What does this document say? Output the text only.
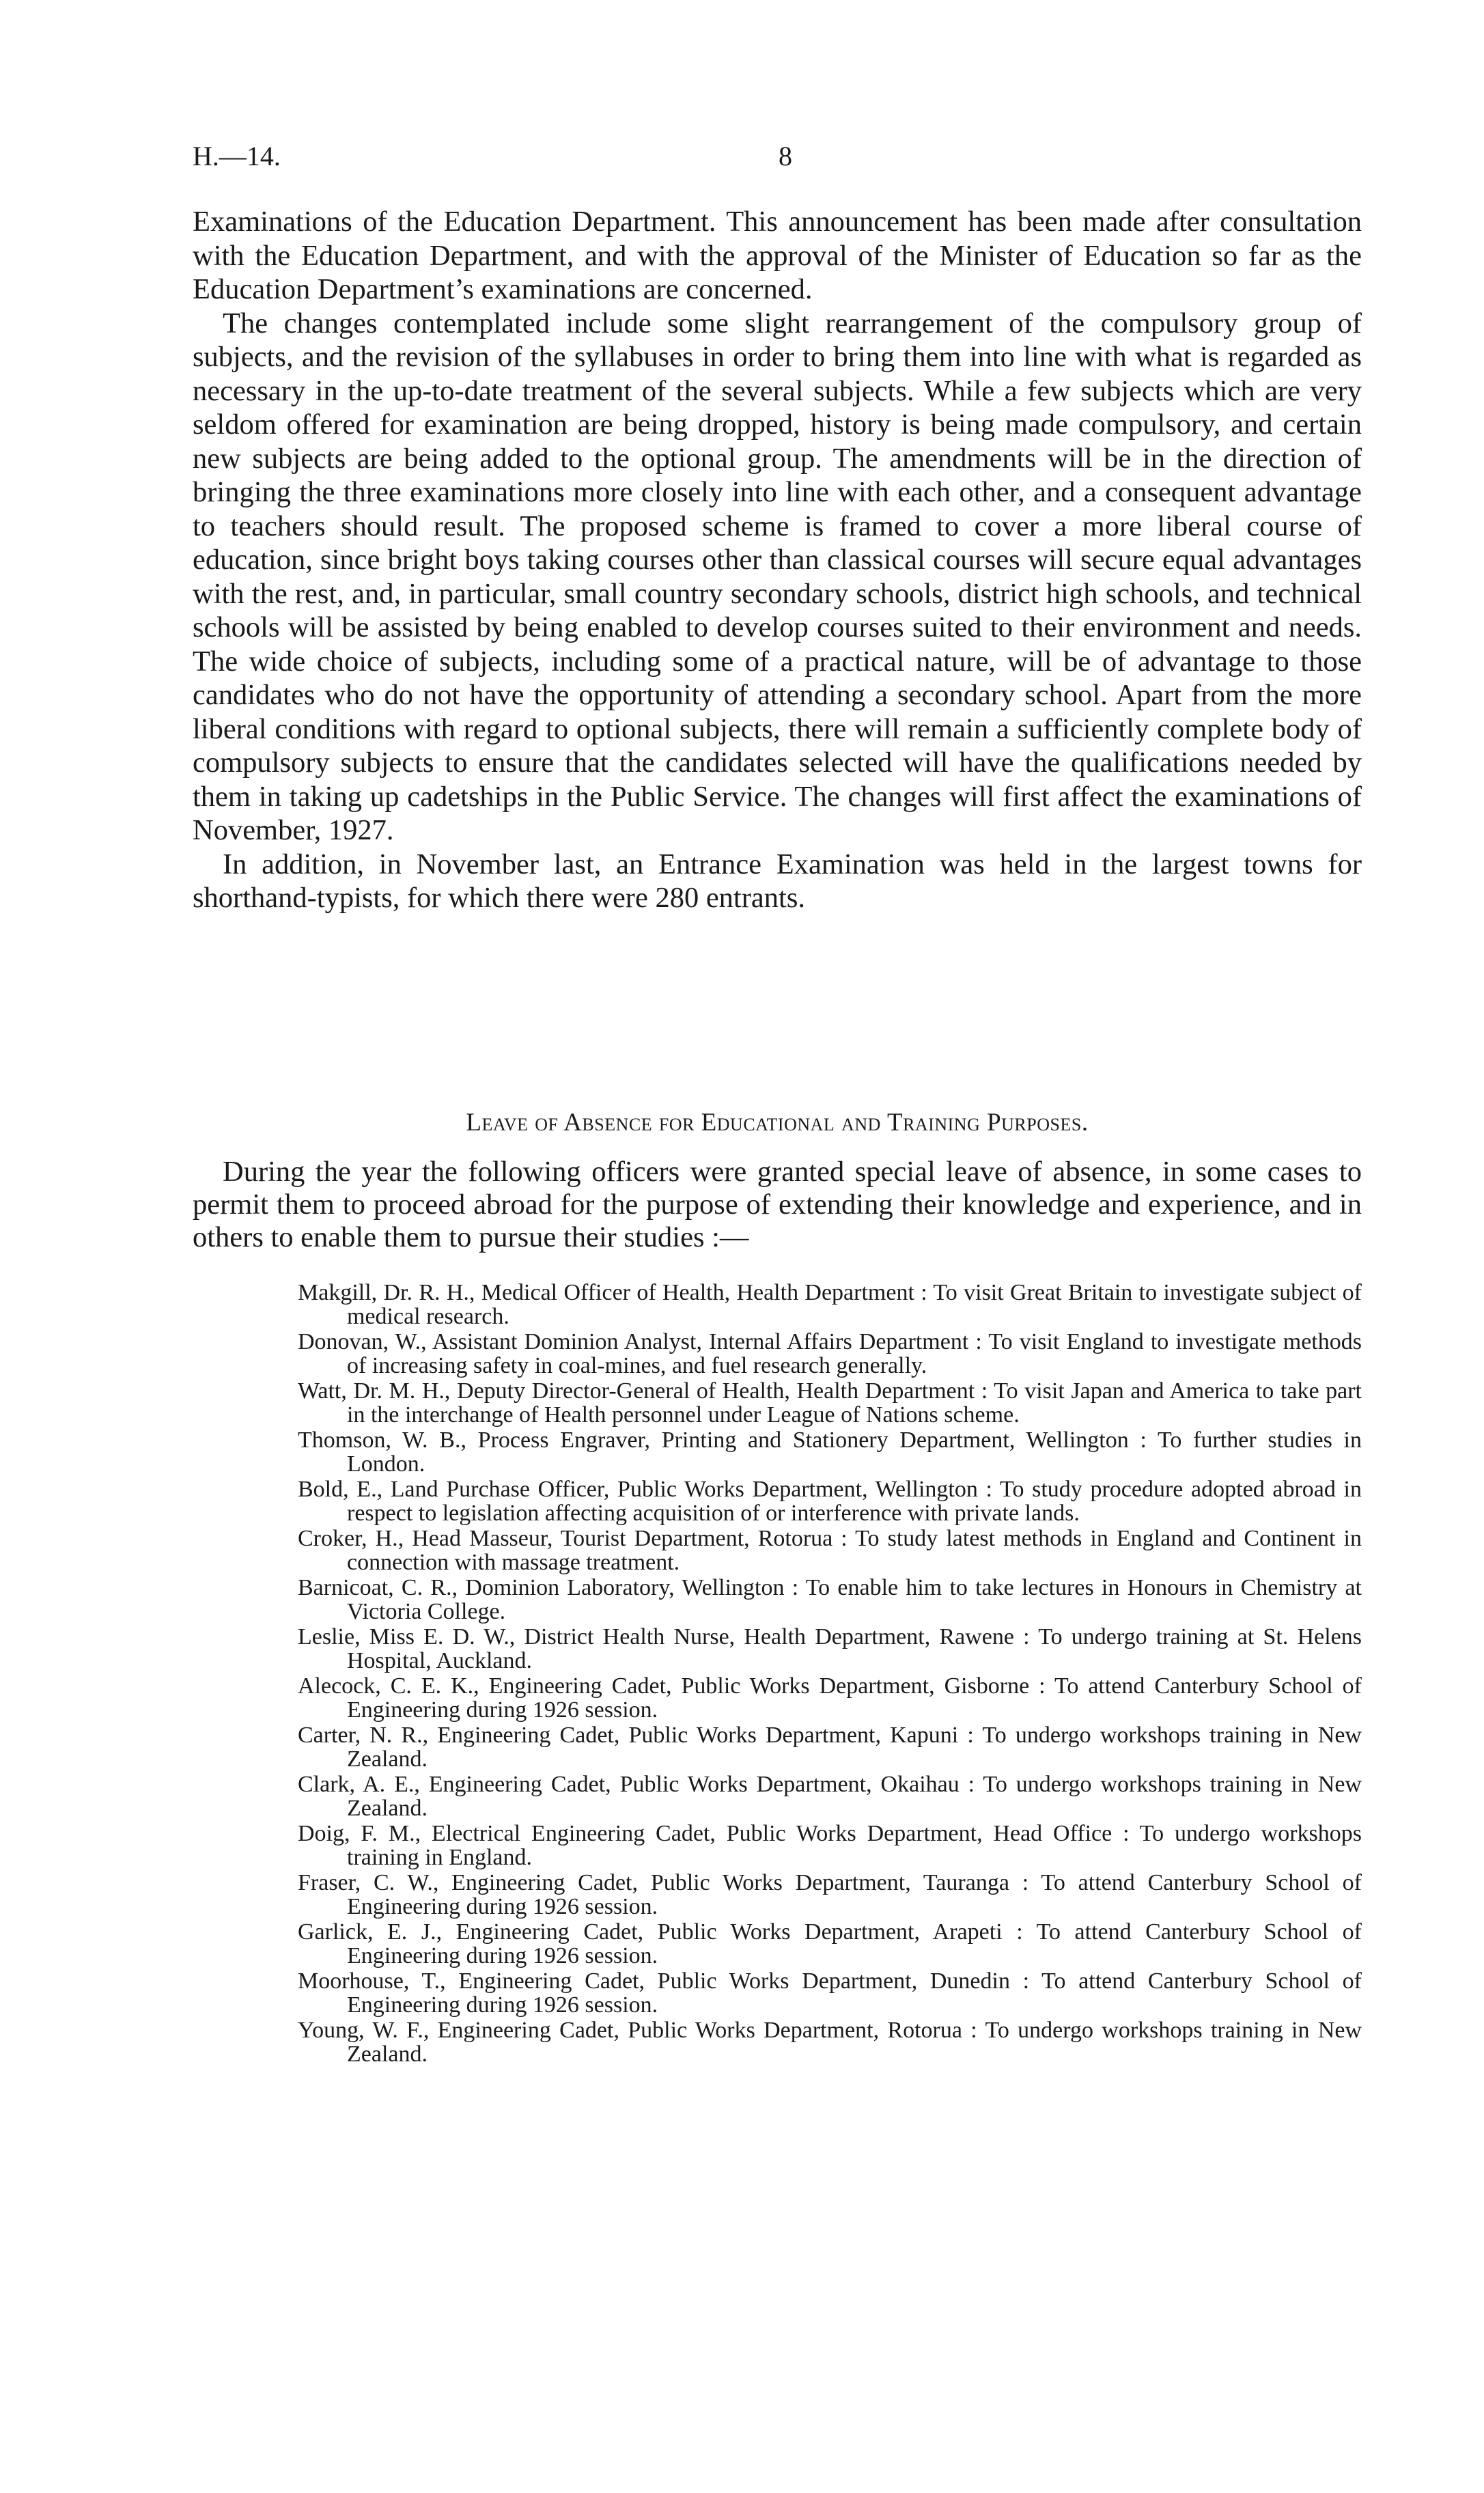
H.—14.	8

Examinations of the Education Department. This announcement has been made after consultation with the Education Department, and with the approval of the Minister of Education so far as the Education Department’s examinations are concerned.

The changes contemplated include some slight rearrangement of the compulsory group of subjects, and the revision of the syllabuses in order to bring them into line with what is regarded as necessary in the up-to-date treatment of the several subjects. While a few subjects which are very seldom offered for examination are being dropped, history is being made compulsory, and certain new subjects are being added to the optional group. The amendments will be in the direction of bringing the three examinations more closely into line with each other, and a consequent advantage to teachers should result. The proposed scheme is framed to cover a more liberal course of education, since bright boys taking courses other than classical courses will secure equal advantages with the rest, and, in particular, small country secondary schools, district high schools, and technical schools will be assisted by being enabled to develop courses suited to their environment and needs. The wide choice of subjects, including some of a practical nature, will be of advantage to those candidates who do not have the opportunity of attending a secondary school. Apart from the more liberal conditions with regard to optional subjects, there will remain a sufficiently complete body of compulsory subjects to ensure that the candidates selected will have the qualifications needed by them in taking up cadetships in the Public Service. The changes will first affect the examinations of November, 1927.

In addition, in November last, an Entrance Examination was held in the largest towns for shorthand-typists, for which there were 280 entrants.

Leave of Absence for Educational and Training Purposes.

During the year the following officers were granted special leave of absence, in some cases to permit them to proceed abroad for the purpose of extending their knowledge and experience, and in others to enable them to pursue their studies :—

Makgill, Dr. R. H., Medical Officer of Health, Health Department : To visit Great Britain to investigate subject of medical research.
Donovan, W., Assistant Dominion Analyst, Internal Affairs Department : To visit England to investigate methods of increasing safety in coal-mines, and fuel research generally.
Watt, Dr. M. H., Deputy Director-General of Health, Health Department : To visit Japan and America to take part in the interchange of Health personnel under League of Nations scheme.
Thomson, W. B., Process Engraver, Printing and Stationery Department, Wellington : To further studies in London.
Bold, E., Land Purchase Officer, Public Works Department, Wellington : To study procedure adopted abroad in respect to legislation affecting acquisition of or interference with private lands.
Croker, H., Head Masseur, Tourist Department, Rotorua : To study latest methods in England and Continent in connection with massage treatment.
Barnicoat, C. R., Dominion Laboratory, Wellington : To enable him to take lectures in Honours in Chemistry at Victoria College.
Leslie, Miss E. D. W., District Health Nurse, Health Department, Rawene : To undergo training at St. Helens Hospital, Auckland.
Alecock, C. E. K., Engineering Cadet, Public Works Department, Gisborne : To attend Canterbury School of Engineering during 1926 session.
Carter, N. R., Engineering Cadet, Public Works Department, Kapuni : To undergo workshops training in New Zealand.
Clark, A. E., Engineering Cadet, Public Works Department, Okaihau : To undergo workshops training in New Zealand.
Doig, F. M., Electrical Engineering Cadet, Public Works Department, Head Office : To undergo workshops training in England.
Fraser, C. W., Engineering Cadet, Public Works Department, Tauranga : To attend Canterbury School of Engineering during 1926 session.
Garlick, E. J., Engineering Cadet, Public Works Department, Arapeti : To attend Canterbury School of Engineering during 1926 session.
Moorhouse, T., Engineering Cadet, Public Works Department, Dunedin : To attend Canterbury School of Engineering during 1926 session.
Young, W. F., Engineering Cadet, Public Works Department, Rotorua : To undergo workshops training in New Zealand.
